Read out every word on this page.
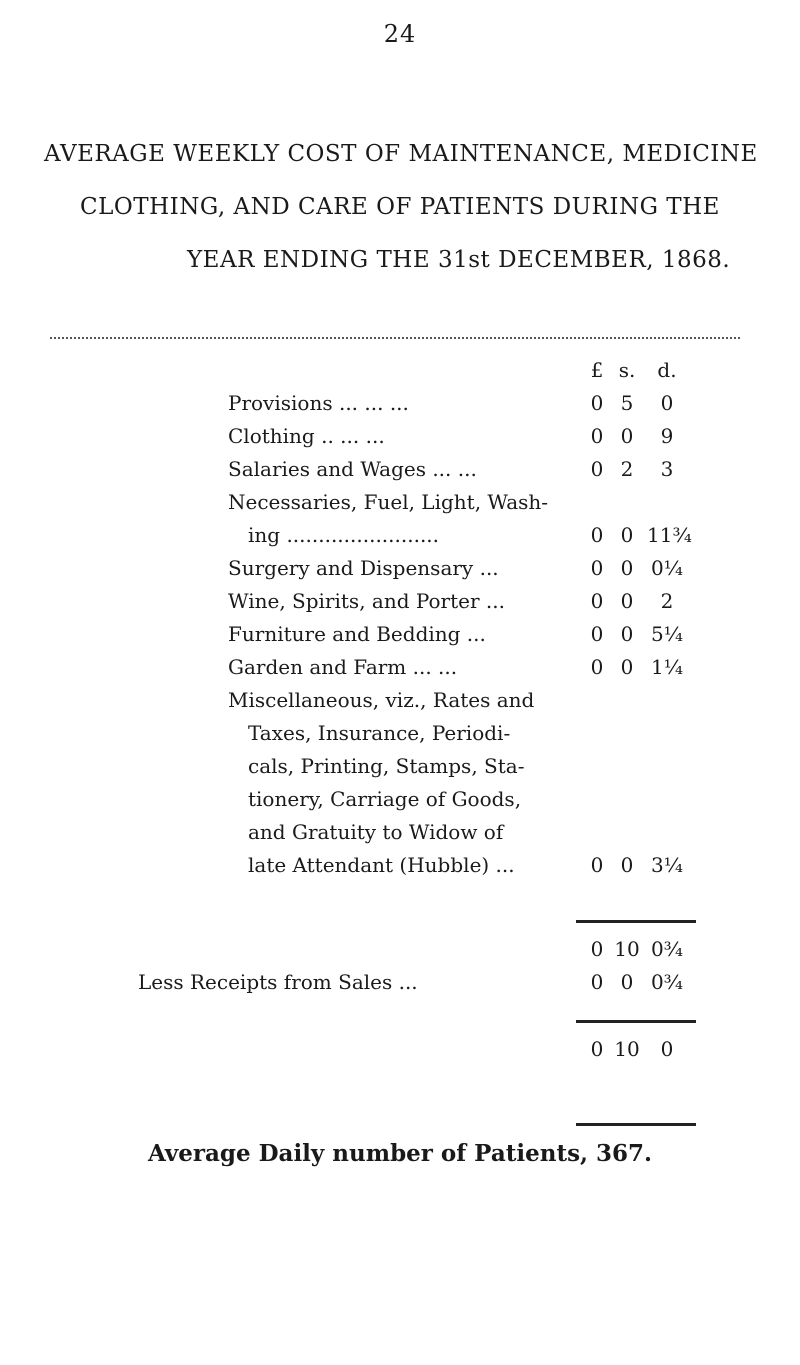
24
AVERAGE WEEKLY COST OF MAINTENANCE, MEDICINE
CLOTHING, AND CARE OF PATIENTS DURING THE
YEAR ENDING THE 31st DECEMBER, 1868.
£ s.	d.
Provisions ... ... ...	0 5	0
Clothing .. ... ...	0 0	9
Salaries and Wages ... ...	0 2	3
Necessaries, Fuel, Light, Wash-
ing ........................	0 0 11¾
Surgery and Dispensary ...	0 0 0¼
Wine, Spirits, and Porter ...	0 0	2
Furniture and Bedding ...	0 0 5¼
Garden and Farm ... ...	0 0 1¼
Miscellaneous, viz., Rates and
Taxes, Insurance, Periodi-
cals, Printing, Stamps, Sta-
tionery, Carriage of Goods,
and Gratuity to Widow of
late Attendant (Hubble) ...	0 0 3¼
0 10 0¾
Less Receipts from Sales ...	0 0 0¾
0 10	0
Average Daily number of Patients, 367.
